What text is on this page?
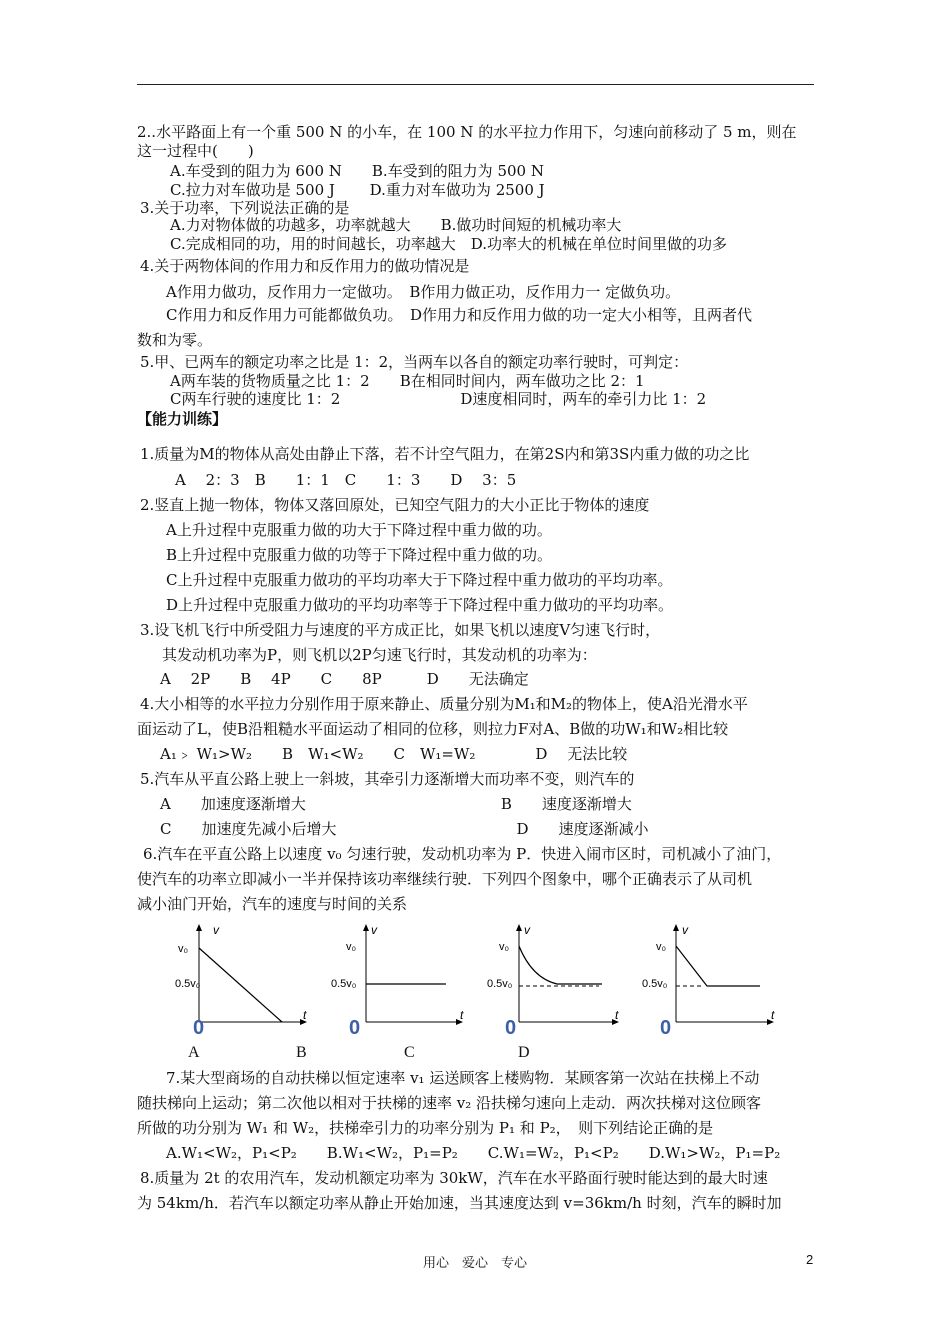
2..水平路面上有一个重 500 N 的小车，在 100 N 的水平拉力作用下，匀速向前移动了 5 m，则在
这一过程中(　　)
A.车受到的阻力为 600 N　　B.车受到的阻力为 500 N
C.拉力对车做功是 500 J　　 D.重力对车做功为 2500 J
3.关于功率，下列说法正确的是
A.力对物体做的功越多，功率就越大　　B.做功时间短的机械功率大
C.完成相同的功，用的时间越长，功率越大　D.功率大的机械在单位时间里做的功多
4.关于两物体间的作用力和反作用力的做功情况是
A作用力做功，反作用力一定做功。　B作用力做正功，反作用力一 定做负功。
C作用力和反作用力可能都做负功。　D作用力和反作用力做的功一定大小相等，且两者代
数和为零。
5.甲、已两车的额定功率之比是 1：2，当两车以各自的额定功率行驶时，可判定：
A两车装的货物质量之比 1：2　　B在相同时间内，两车做功之比 2：1
C两车行驶的速度比 1：2　　　　　　　　D速度相同时，两车的牵引力比 1：2
【能力训练】
1.质量为M的物体从高处由静止下落，若不计空气阻力，在第2S内和第3S内重力做的功之比
　A　 2：3　B　　1：1　C　　1：3　　D　 3：5
2.竖直上抛一物体，物体又落回原处，已知空气阻力的大小正比于物体的速度
A上升过程中克服重力做的功大于下降过程中重力做的功。
B上升过程中克服重力做的功等于下降过程中重力做的功。
C上升过程中克服重力做功的平均功率大于下降过程中重力做功的平均功率。
D上升过程中克服重力做功的平均功率等于下降过程中重力做功的平均功率。
3.设飞机飞行中所受阻力与速度的平方成正比，如果飞机以速度V匀速飞行时，
其发动机功率为P，则飞机以2P匀速飞行时，其发动机的功率为：
A　 2P　　B　 4P　　C　　8P　　　D　　无法确定
4.大小相等的水平拉力分别作用于原来静止、质量分别为M₁和M₂的物体上，使A沿光滑水平
面运动了L，使B沿粗糙水平面运动了相同的位移，则拉力F对A、B做的功W₁和W₂相比较
A₁﹥ W₁>W₂　　B　W₁<W₂　　C　W₁=W₂　　　　D　 无法比较
5.汽车从平直公路上驶上一斜坡，其牵引力逐渐增大而功率不变，则汽车的
A　　加速度逐渐增大　　　　　　　　　　　　　B　　速度逐渐增大
C　　加速度先减小后增大　　　　　　　　　　　　D　　速度逐渐减小
6.汽车在平直公路上以速度 v₀ 匀速行驶，发动机功率为 P．快进入闹市区时，司机减小了油门，
使汽车的功率立即减小一半并保持该功率继续行驶．下列四个图象中，哪个正确表示了从司机
减小油门开始，汽车的速度与时间的关系
v
t
v₀
0.5v₀
0
v
t
v₀
0.5v₀
0
v
t
v₀
0.5v₀
0
v
t
v₀
0.5v₀
0
A	B	C	D
7.某大型商场的自动扶梯以恒定速率 v₁ 运送顾客上楼购物．某顾客第一次站在扶梯上不动
随扶梯向上运动；第二次他以相对于扶梯的速率 v₂ 沿扶梯匀速向上走动．两次扶梯对这位顾客
所做的功分别为 W₁ 和 W₂，扶梯牵引力的功率分别为 P₁ 和 P₂，　则下列结论正确的是
A.W₁<W₂，P₁<P₂　　B.W₁<W₂，P₁=P₂　　C.W₁=W₂，P₁<P₂　　D.W₁>W₂，P₁=P₂
8.质量为 2t 的农用汽车，发动机额定功率为 30kW，汽车在水平路面行驶时能达到的最大时速
为 54km/h．若汽车以额定功率从静止开始加速，当其速度达到 v=36km/h 时刻，汽车的瞬时加
用心　爱心　专心	2
